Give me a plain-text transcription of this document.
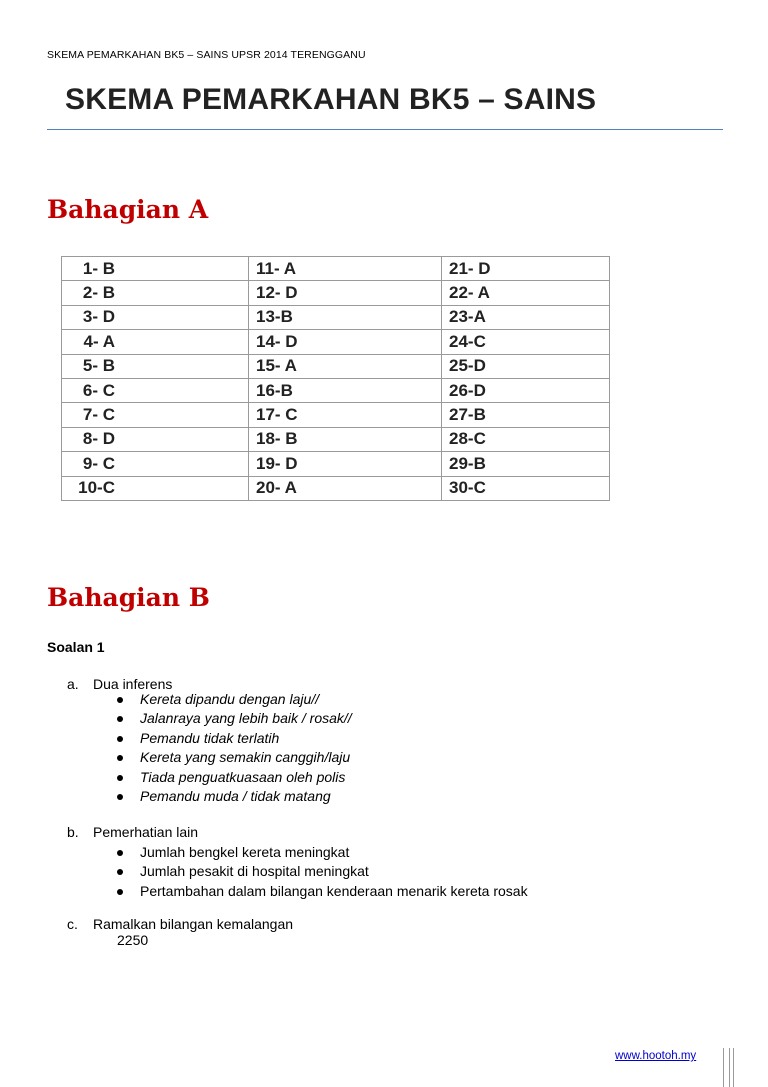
SKEMA PEMARKAHAN BK5 – SAINS UPSR 2014 TERENGGANU
SKEMA PEMARKAHAN BK5 – SAINS
Bahagian A
1- B	11- A	21- D
2- B	12- D	22- A
3- D	13-B	23-A
4- A	14- D	24-C
5- B	15- A	25-D
6- C	16-B	26-D
7- C	17- C	27-B
8- D	18- B	28-C
9- C	19- D	29-B
10-C	20- A	30-C
Bahagian B
Soalan 1
a. Dua inferens
Kereta dipandu dengan laju//
Jalanraya yang lebih baik / rosak//
Pemandu tidak terlatih
Kereta yang semakin canggih/laju
Tiada penguatkuasaan oleh polis
Pemandu muda / tidak matang
b. Pemerhatian lain
Jumlah bengkel kereta meningkat
Jumlah pesakit di hospital meningkat
Pertambahan dalam bilangan kenderaan menarik kereta rosak
c. Ramalkan bilangan kemalangan
2250
www.hootoh.my
